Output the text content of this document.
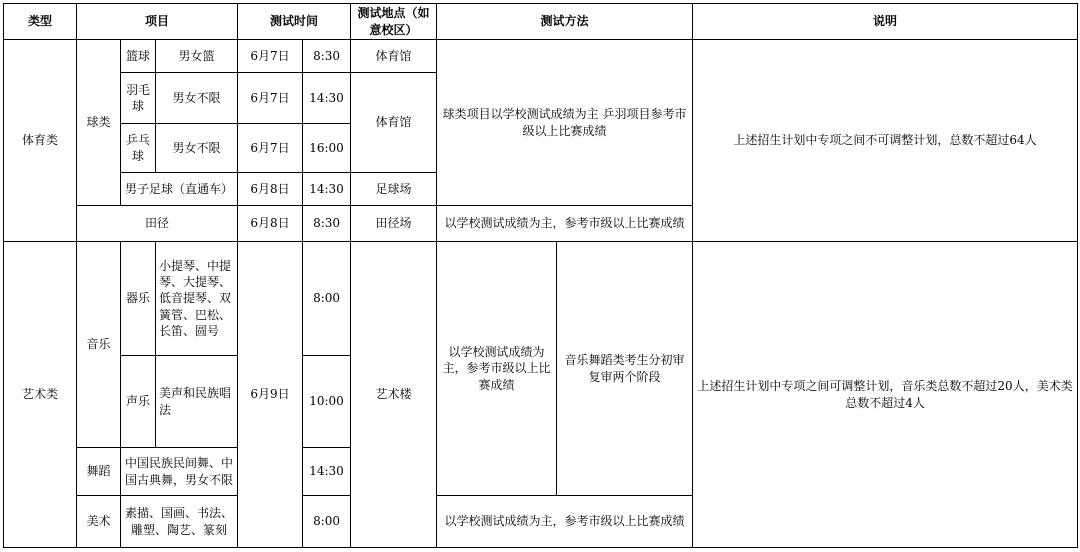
类型	项目			测试时间		测试地点（如意校区）	测试方法		说明
体育类	球类	篮球	男女篮	6月7日	8:30	体育馆	球类项目以学校测试成绩为主 乒羽项目参考市级以上比赛成绩		上述招生计划中专项之间不可调整计划，总数不超过64人
		羽毛球	男女不限	6月7日	14:30	体育馆			
		乒乓球	男女不限	6月7日	16:00				
		男子足球（直通车）		6月8日	14:30	足球场			
	田径			6月8日	8:30	田径场	以学校测试成绩为主，参考市级以上比赛成绩		
艺术类	音乐	器乐	小提琴、中提琴、大提琴、低音提琴、双簧管、巴松、长笛、圆号	6月9日	8:00	艺术楼	以学校测试成绩为主，参考市级以上比赛成绩	音乐舞蹈类考生分初审复审两个阶段	上述招生计划中专项之间可调整计划，音乐类总数不超过20人，美术类总数不超过4人
		声乐	美声和民族唱法		10:00				
	舞蹈	中国民族民间舞、中国古典舞，男女不限			14:30				
	美术	素描、国画、书法、雕塑、陶艺、篆刻			8:00		以学校测试成绩为主，参考市级以上比赛成绩		
